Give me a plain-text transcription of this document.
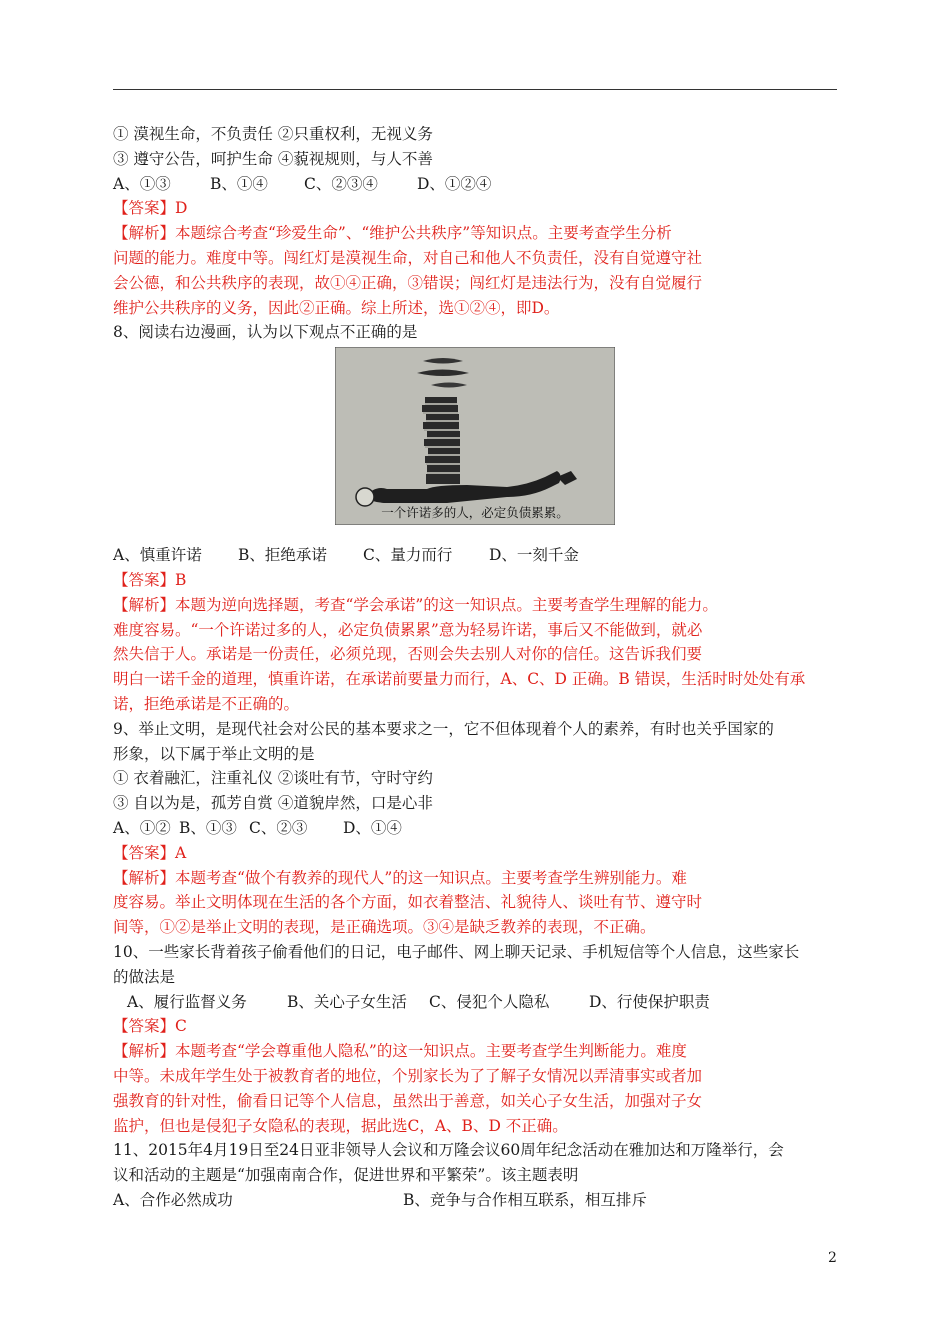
① 漠视生命，不负责任 ②只重权利，无视义务
③ 遵守公告，呵护生命 ④藐视规则，与人不善
A、①③	B、①④ C、②③④	D、①②④
【答案】D
【解析】本题综合考查“珍爱生命”、“维护公共秩序”等知识点。主要考查学生分析
问题的能力。难度中等。闯红灯是漠视生命，对自己和他人不负责任，没有自觉遵守社
会公德，和公共秩序的表现，故①④正确，③错误；闯红灯是违法行为，没有自觉履行
维护公共秩序的义务，因此②正确。综上所述，选①②④，即D。
8、阅读右边漫画，认为以下观点不正确的是
一个许诺多的人，必定负债累累。
A、慎重许诺 B、拒绝承诺 C、量力而行 D、一刻千金
【答案】B
【解析】本题为逆向选择题，考查“学会承诺”的这一知识点。主要考查学生理解的能力。
难度容易。“一个许诺过多的人，必定负债累累”意为轻易许诺，事后又不能做到，就必
然失信于人。承诺是一份责任，必须兑现，否则会失去别人对你的信任。这告诉我们要
明白一诺千金的道理，慎重许诺，在承诺前要量力而行，A、C、D 正确。B 错误，生活时时处处有承
诺，拒绝承诺是不正确的。
9、举止文明，是现代社会对公民的基本要求之一，它不但体现着个人的素养，有时也关乎国家的
形象，以下属于举止文明的是
① 衣着融汇，注重礼仪 ②谈吐有节，守时守约
③ 自以为是，孤芳自赏 ④道貌岸然，口是心非
A、①② B、①③ C、②③ D、①④
【答案】A
【解析】本题考查“做个有教养的现代人”的这一知识点。主要考查学生辨别能力。难
度容易。举止文明体现在生活的各个方面，如衣着整洁、礼貌待人、谈吐有节、遵守时
间等，①②是举止文明的表现，是正确选项。③④是缺乏教养的表现，不正确。
10、一些家长背着孩子偷看他们的日记，电子邮件、网上聊天记录、手机短信等个人信息，这些家长
的做法是
A、履行监督义务	B、关心子女生活 C、侵犯个人隐私	D、行使保护职责
【答案】C
【解析】本题考查“学会尊重他人隐私”的这一知识点。主要考查学生判断能力。难度
中等。未成年学生处于被教育者的地位，个别家长为了了解子女情况以弄清事实或者加
强教育的针对性，偷看日记等个人信息，虽然出于善意，如关心子女生活，加强对子女
监护，但也是侵犯子女隐私的表现，据此选C，A、B、D 不正确。
11、2015年4月19日至24日亚非领导人会议和万隆会议60周年纪念活动在雅加达和万隆举行，会
议和活动的主题是“加强南南合作，促进世界和平繁荣”。该主题表明
A、合作必然成功	B、竞争与合作相互联系，相互排斥
2
